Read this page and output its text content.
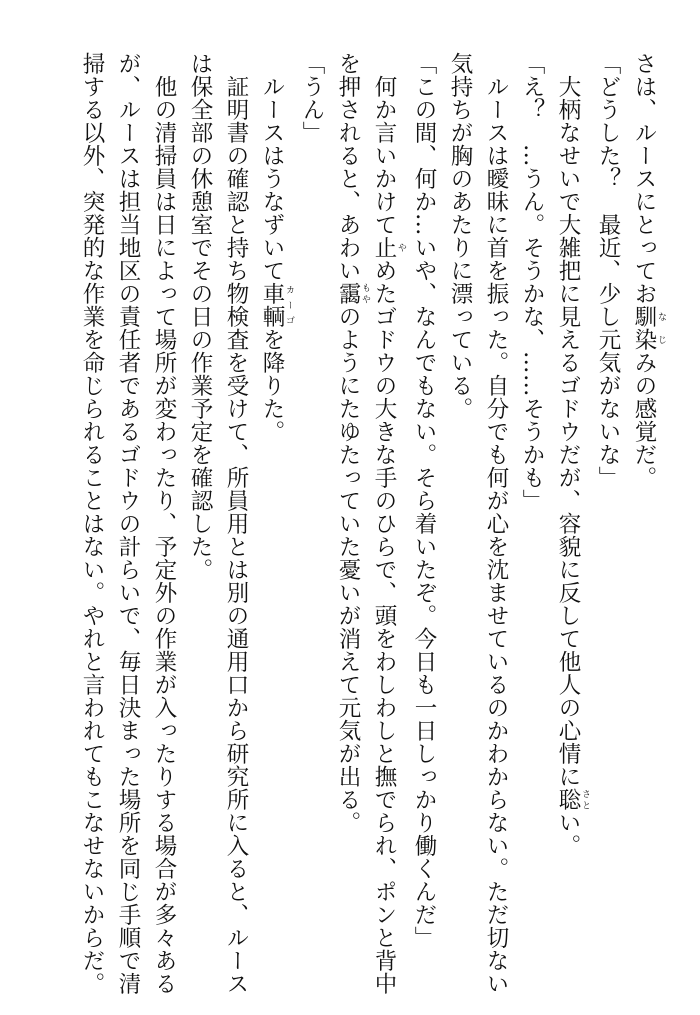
さは、ルースにとってお馴染 なじみの感覚だ。

「どうした？　最近、少し元気がないな」

大柄なせいで大雑把に見えるゴドウだが、容貌に反して他人の心情に聡 さとい。

「え？　…うん。そうかな、……そうかも」

ルースは曖昧に首を振った。自分でも何が心を沈ませているのかわからない。ただ切ない気持ちが胸のあたりに漂っている。

「この間、何か…いや、なんでもない。そら着いたぞ。今日も一日しっかり働くんだ」

何か言いかけて止 やめたゴドウの大きな手のひらで、頭をわしわしと撫でられ、ポンと背中を押されると、あわい靄 もやのようにたゆたっていた憂いが消えて元気が出る。

「うん」

ルースはうなずいて車輌 カーゴを降りた。

証明書の確認と持ち物検査を受けて、所員用とは別の通用口から研究所に入ると、ルースは保全部の休憩室でその日の作業予定を確認した。

他の清掃員は日によって場所が変わったり、予定外の作業が入ったりする場合が多々あるが、ルースは担当地区の責任者であるゴドウの計らいで、毎日決まった場所を同じ手順で清掃する以外、突発的な作業を命じられることはない。やれと言われてもこなせないからだ。
